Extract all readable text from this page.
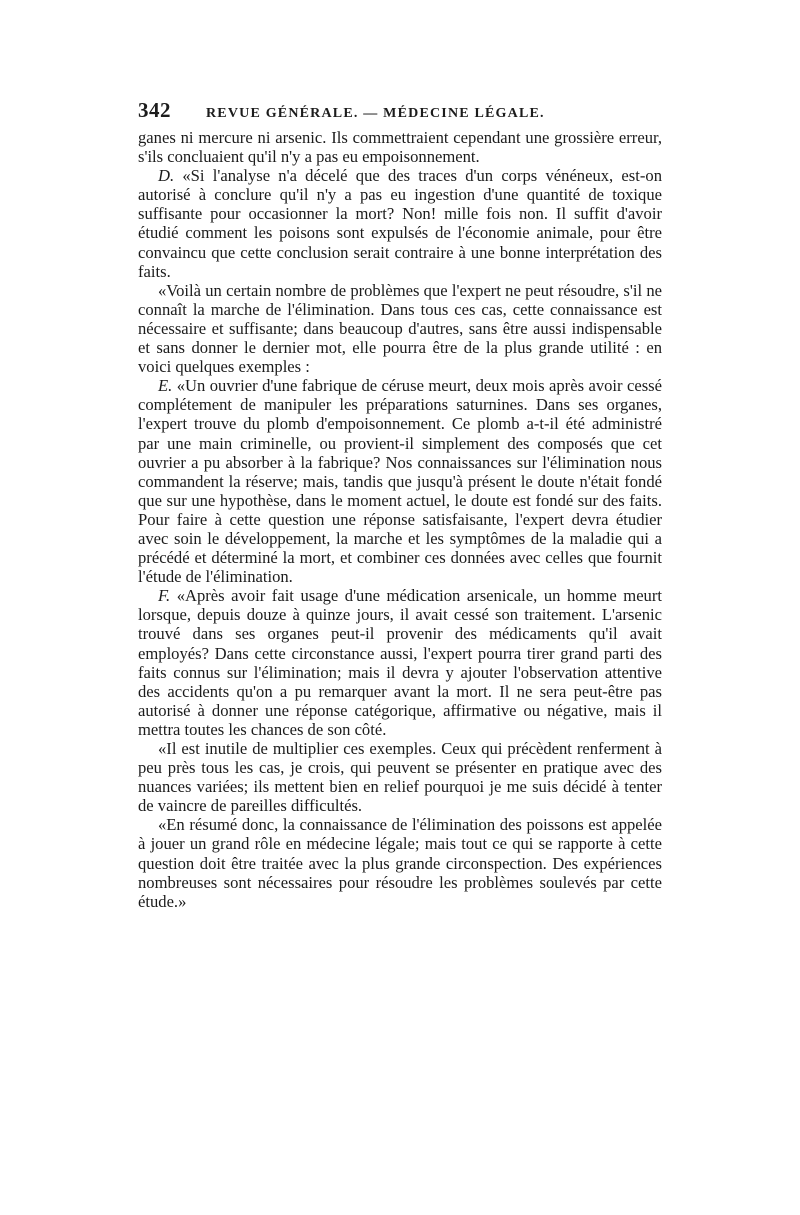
342	REVUE GÉNÉRALE. — MÉDECINE LÉGALE.

ganes ni mercure ni arsenic. Ils commettraient cependant une grossière erreur, s'ils concluaient qu'il n'y a pas eu empoisonnement.

D. «Si l'analyse n'a décelé que des traces d'un corps vénéneux, est-on autorisé à conclure qu'il n'y a pas eu ingestion d'une quantité de toxique suffisante pour occasionner la mort? Non! mille fois non. Il suffit d'avoir étudié comment les poisons sont expulsés de l'économie animale, pour être convaincu que cette conclusion serait contraire à une bonne interprétation des faits.

«Voilà un certain nombre de problèmes que l'expert ne peut résoudre, s'il ne connaît la marche de l'élimination. Dans tous ces cas, cette connaissance est nécessaire et suffisante; dans beaucoup d'autres, sans être aussi indispensable et sans donner le dernier mot, elle pourra être de la plus grande utilité : en voici quelques exemples :

E. «Un ouvrier d'une fabrique de céruse meurt, deux mois après avoir cessé complétement de manipuler les préparations saturnines. Dans ses organes, l'expert trouve du plomb d'empoisonnement. Ce plomb a-t-il été administré par une main criminelle, ou provient-il simplement des composés que cet ouvrier a pu absorber à la fabrique? Nos connaissances sur l'élimination nous commandent la réserve; mais, tandis que jusqu'à présent le doute n'était fondé que sur une hypothèse, dans le moment actuel, le doute est fondé sur des faits. Pour faire à cette question une réponse satisfaisante, l'expert devra étudier avec soin le développement, la marche et les symptômes de la maladie qui a précédé et déterminé la mort, et combiner ces données avec celles que fournit l'étude de l'élimination.

F. «Après avoir fait usage d'une médication arsenicale, un homme meurt lorsque, depuis douze à quinze jours, il avait cessé son traitement. L'arsenic trouvé dans ses organes peut-il provenir des médicaments qu'il avait employés? Dans cette circonstance aussi, l'expert pourra tirer grand parti des faits connus sur l'élimination; mais il devra y ajouter l'observation attentive des accidents qu'on a pu remarquer avant la mort. Il ne sera peut-être pas autorisé à donner une réponse catégorique, affirmative ou négative, mais il mettra toutes les chances de son côté.

«Il est inutile de multiplier ces exemples. Ceux qui précèdent renferment à peu près tous les cas, je crois, qui peuvent se présenter en pratique avec des nuances variées; ils mettent bien en relief pourquoi je me suis décidé à tenter de vaincre de pareilles difficultés.

«En résumé donc, la connaissance de l'élimination des poissons est appelée à jouer un grand rôle en médecine légale; mais tout ce qui se rapporte à cette question doit être traitée avec la plus grande circonspection. Des expériences nombreuses sont nécessaires pour résoudre les problèmes soulevés par cette étude.»
